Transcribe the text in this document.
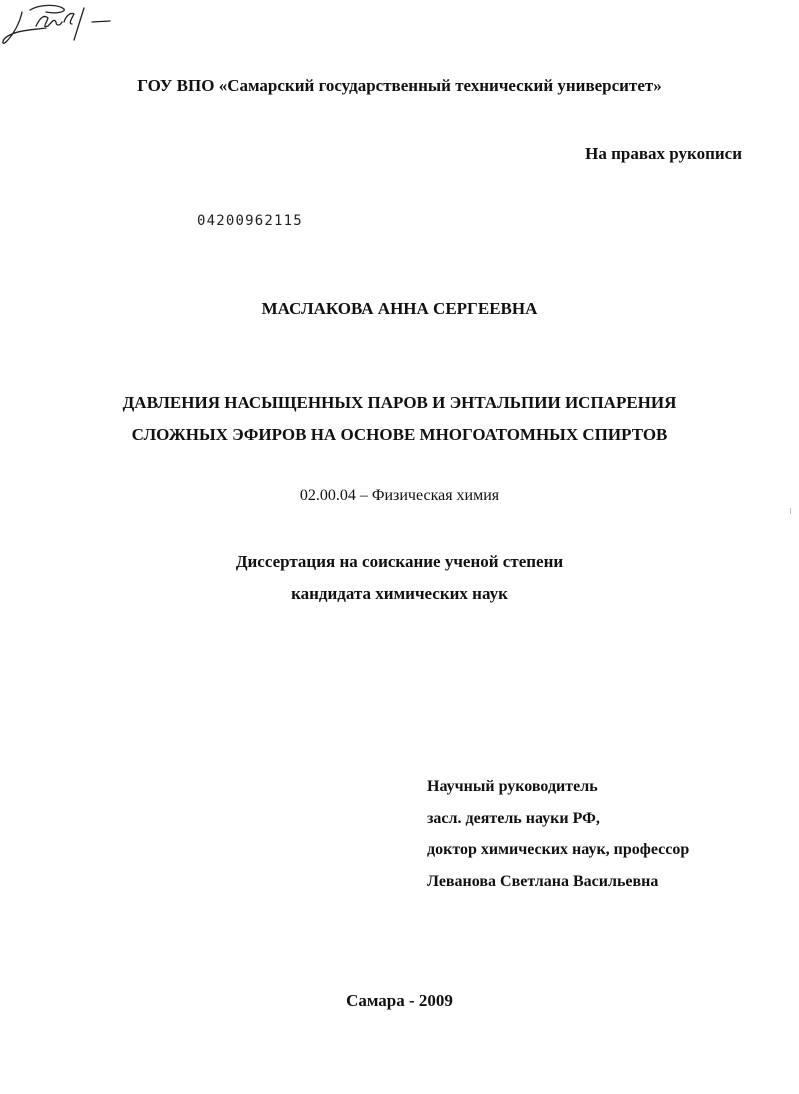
ГОУ ВПО «Самарский государственный технический университет»
На правах рукописи
04200962115
МАСЛАКОВА АННА СЕРГЕЕВНА
ДАВЛЕНИЯ НАСЫЩЕННЫХ ПАРОВ И ЭНТАЛЬПИИ ИСПАРЕНИЯ
СЛОЖНЫХ ЭФИРОВ НА ОСНОВЕ МНОГОАТОМНЫХ СПИРТОВ
02.00.04 – Физическая химия
Диссертация на соискание ученой степени
кандидата химических наук
Научный руководитель
засл. деятель науки РФ,
доктор химических наук, профессор
Леванова Светлана Васильевна
Самара - 2009
